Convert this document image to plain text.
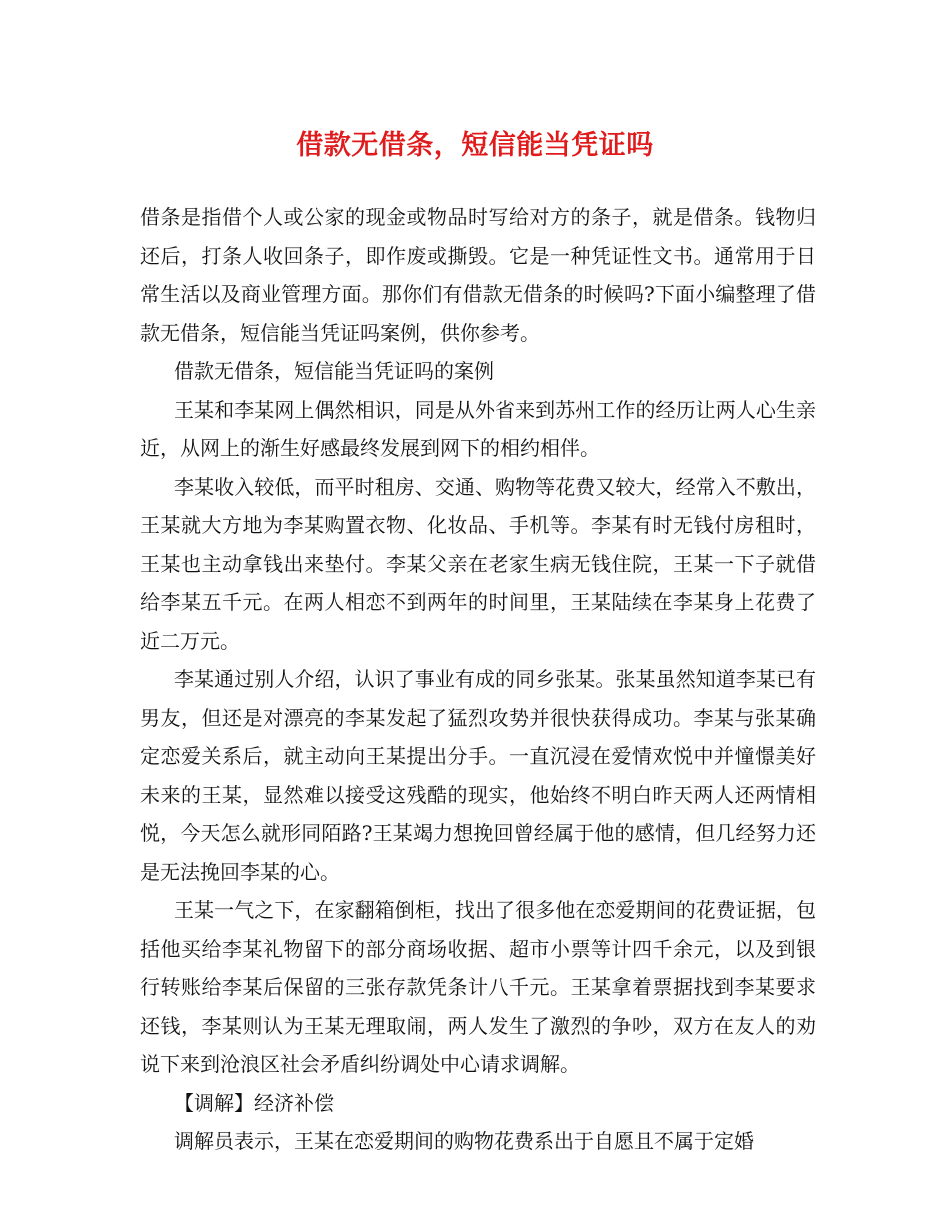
借款无借条，短信能当凭证吗

借条是指借个人或公家的现金或物品时写给对方的条子，就是借条。钱物归还后，打条人收回条子，即作废或撕毁。它是一种凭证性文书。通常用于日常生活以及商业管理方面。那你们有借款无借条的时候吗?下面小编整理了借款无借条，短信能当凭证吗案例，供你参考。

借款无借条，短信能当凭证吗的案例

王某和李某网上偶然相识，同是从外省来到苏州工作的经历让两人心生亲近，从网上的渐生好感最终发展到网下的相约相伴。

李某收入较低，而平时租房、交通、购物等花费又较大，经常入不敷出，王某就大方地为李某购置衣物、化妆品、手机等。李某有时无钱付房租时，王某也主动拿钱出来垫付。李某父亲在老家生病无钱住院，王某一下子就借给李某五千元。在两人相恋不到两年的时间里，王某陆续在李某身上花费了近二万元。

李某通过别人介绍，认识了事业有成的同乡张某。张某虽然知道李某已有男友，但还是对漂亮的李某发起了猛烈攻势并很快获得成功。李某与张某确定恋爱关系后，就主动向王某提出分手。一直沉浸在爱情欢悦中并憧憬美好未来的王某，显然难以接受这残酷的现实，他始终不明白昨天两人还两情相悦，今天怎么就形同陌路?王某竭力想挽回曾经属于他的感情，但几经努力还是无法挽回李某的心。

王某一气之下，在家翻箱倒柜，找出了很多他在恋爱期间的花费证据，包括他买给李某礼物留下的部分商场收据、超市小票等计四千余元，以及到银行转账给李某后保留的三张存款凭条计八千元。王某拿着票据找到李某要求还钱，李某则认为王某无理取闹，两人发生了激烈的争吵，双方在友人的劝说下来到沧浪区社会矛盾纠纷调处中心请求调解。

【调解】经济补偿

调解员表示，王某在恋爱期间的购物花费系出于自愿且不属于定婚
